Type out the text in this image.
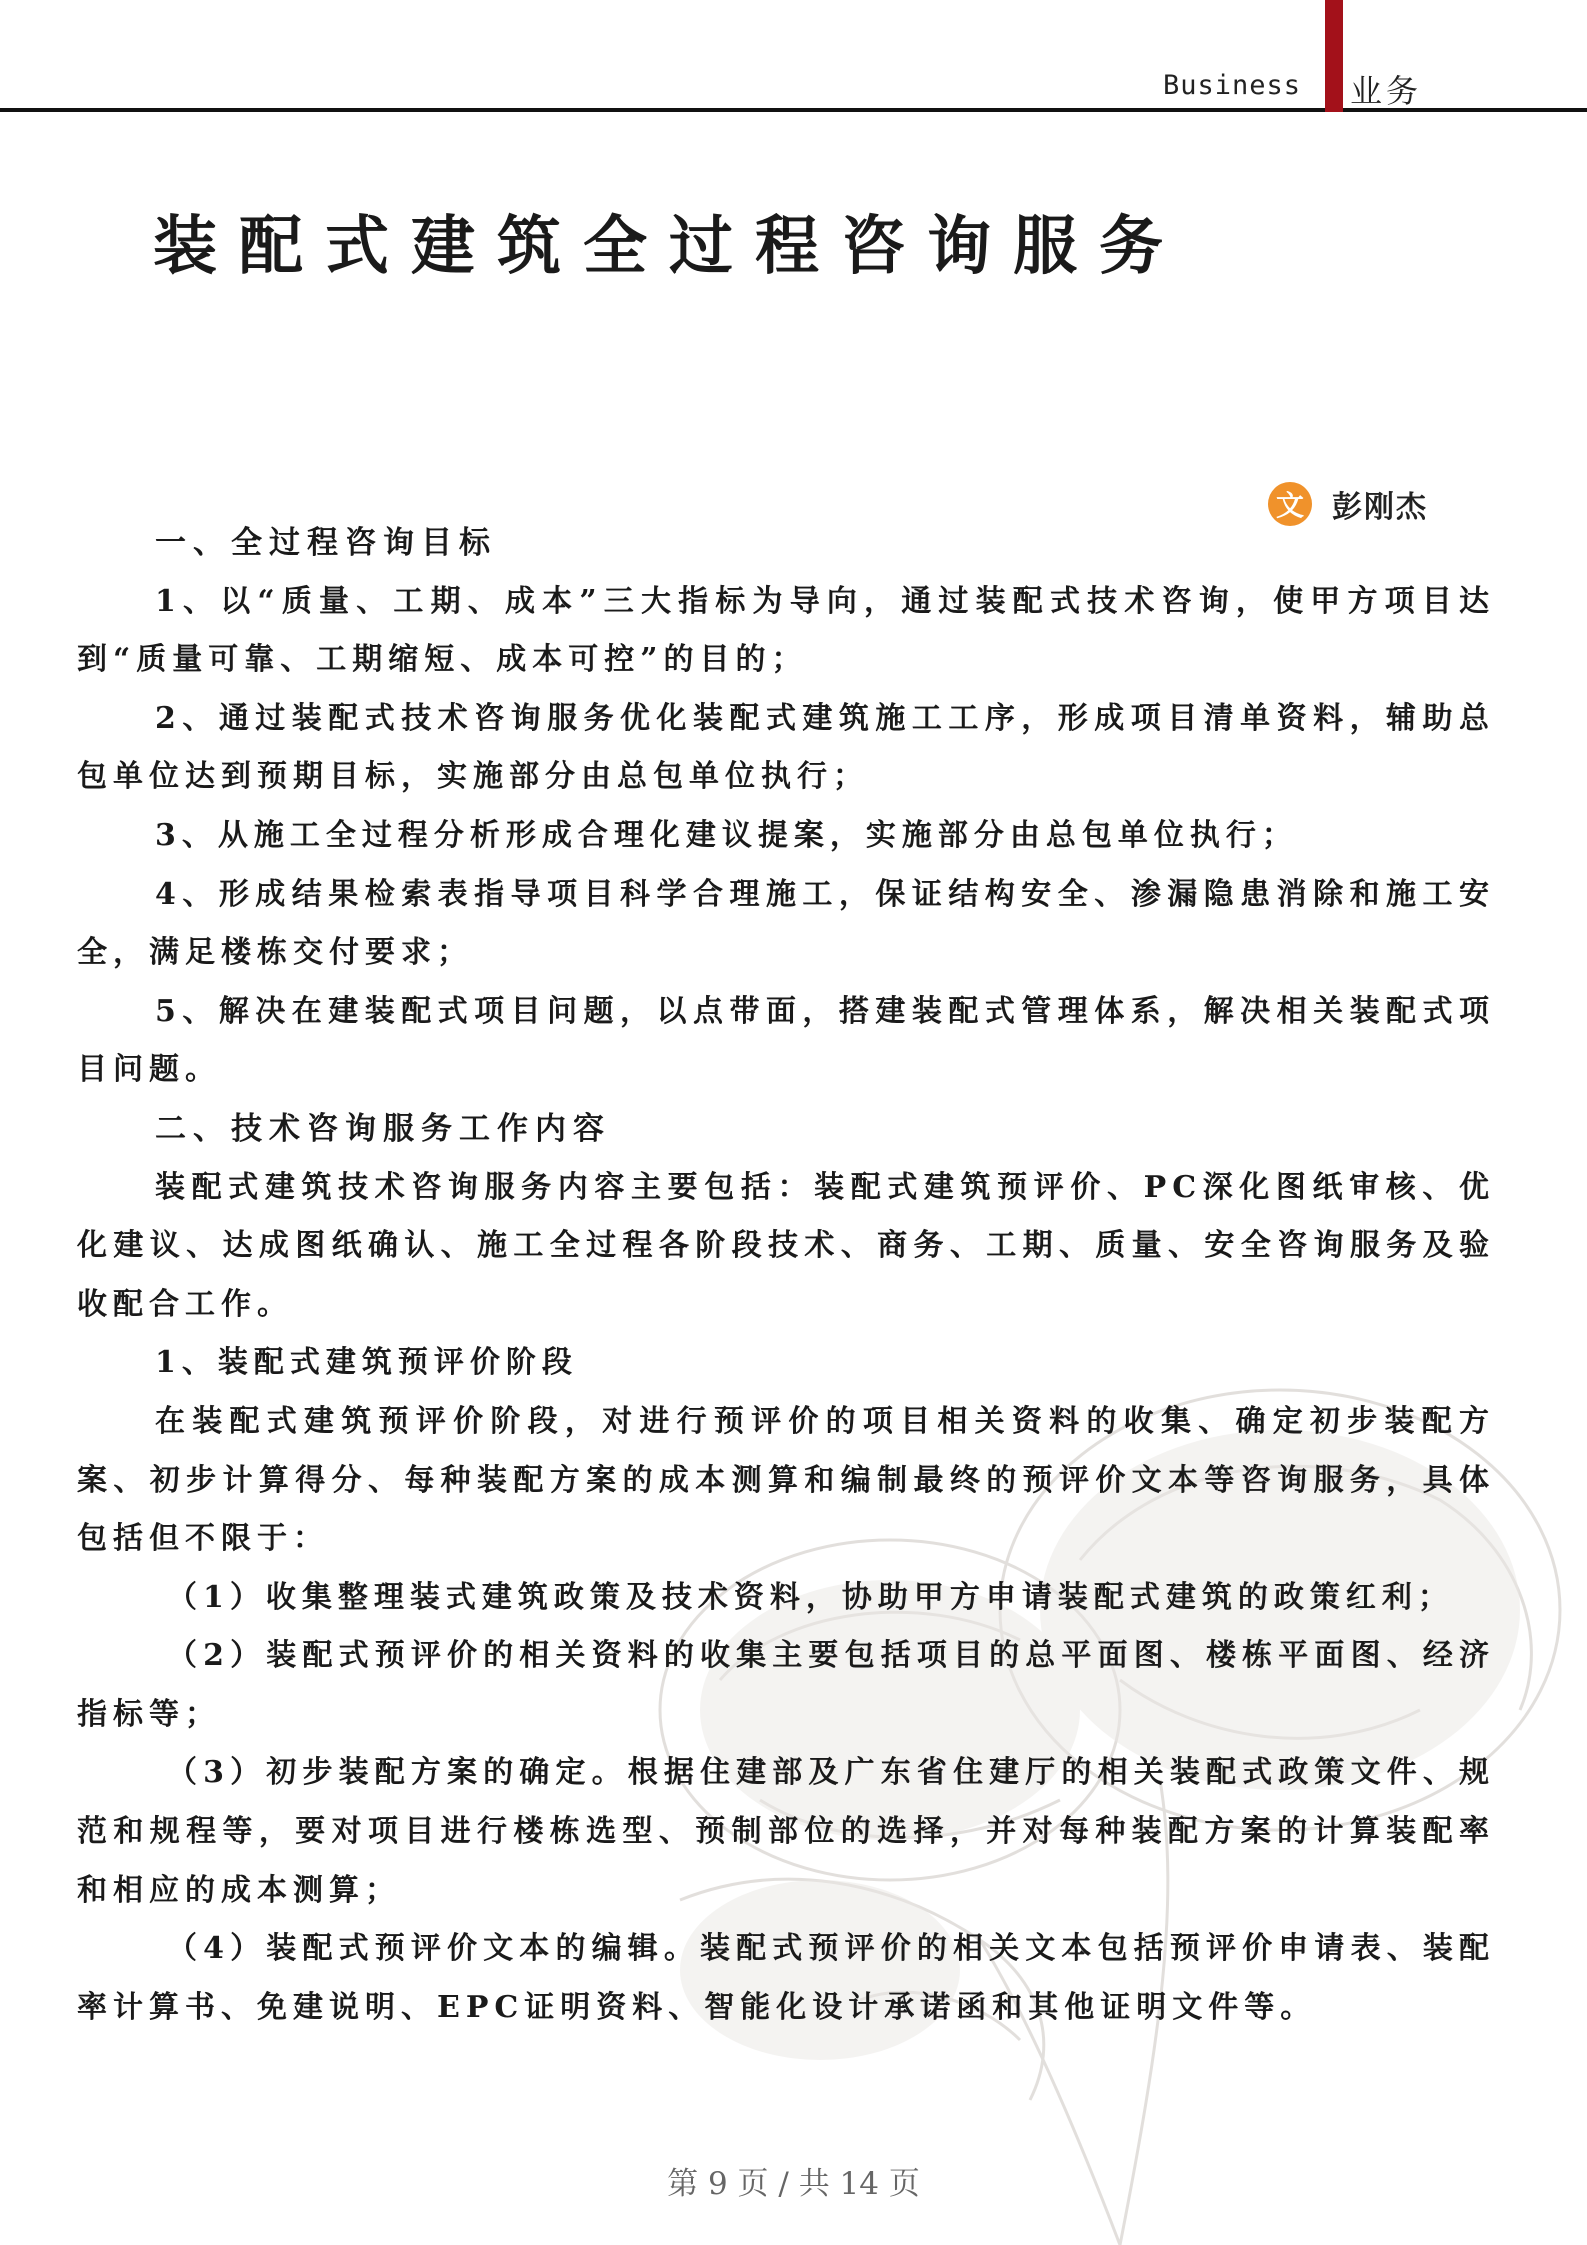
Business 业务
装配式建筑全过程咨询服务
文 彭刚杰
一、全过程咨询目标

1、以“质量、工期、成本”三大指标为导向，通过装配式技术咨询，使甲方项目达到“质量可靠、工期缩短、成本可控”的目的；

2、通过装配式技术咨询服务优化装配式建筑施工工序，形成项目清单资料，辅助总包单位达到预期目标，实施部分由总包单位执行；

3、从施工全过程分析形成合理化建议提案，实施部分由总包单位执行；

4、形成结果检索表指导项目科学合理施工，保证结构安全、渗漏隐患消除和施工安全，满足楼栋交付要求；

5、解决在建装配式项目问题，以点带面，搭建装配式管理体系，解决相关装配式项目问题。

二、技术咨询服务工作内容

装配式建筑技术咨询服务内容主要包括：装配式建筑预评价、PC深化图纸审核、优化建议、达成图纸确认、施工全过程各阶段技术、商务、工期、质量、安全咨询服务及验收配合工作。

1、装配式建筑预评价阶段

在装配式建筑预评价阶段，对进行预评价的项目相关资料的收集、确定初步装配方案、初步计算得分、每种装配方案的成本测算和编制最终的预评价文本等咨询服务，具体包括但不限于：

（1）收集整理装式建筑政策及技术资料，协助甲方申请装配式建筑的政策红利；

（2）装配式预评价的相关资料的收集主要包括项目的总平面图、楼栋平面图、经济指标等；

（3）初步装配方案的确定。根据住建部及广东省住建厅的相关装配式政策文件、规范和规程等，要对项目进行楼栋选型、预制部位的选择，并对每种装配方案的计算装配率和相应的成本测算；

（4）装配式预评价文本的编辑。装配式预评价的相关文本包括预评价申请表、装配率计算书、免建说明、EPC证明资料、智能化设计承诺函和其他证明文件等。

第 9 页 / 共 14 页
